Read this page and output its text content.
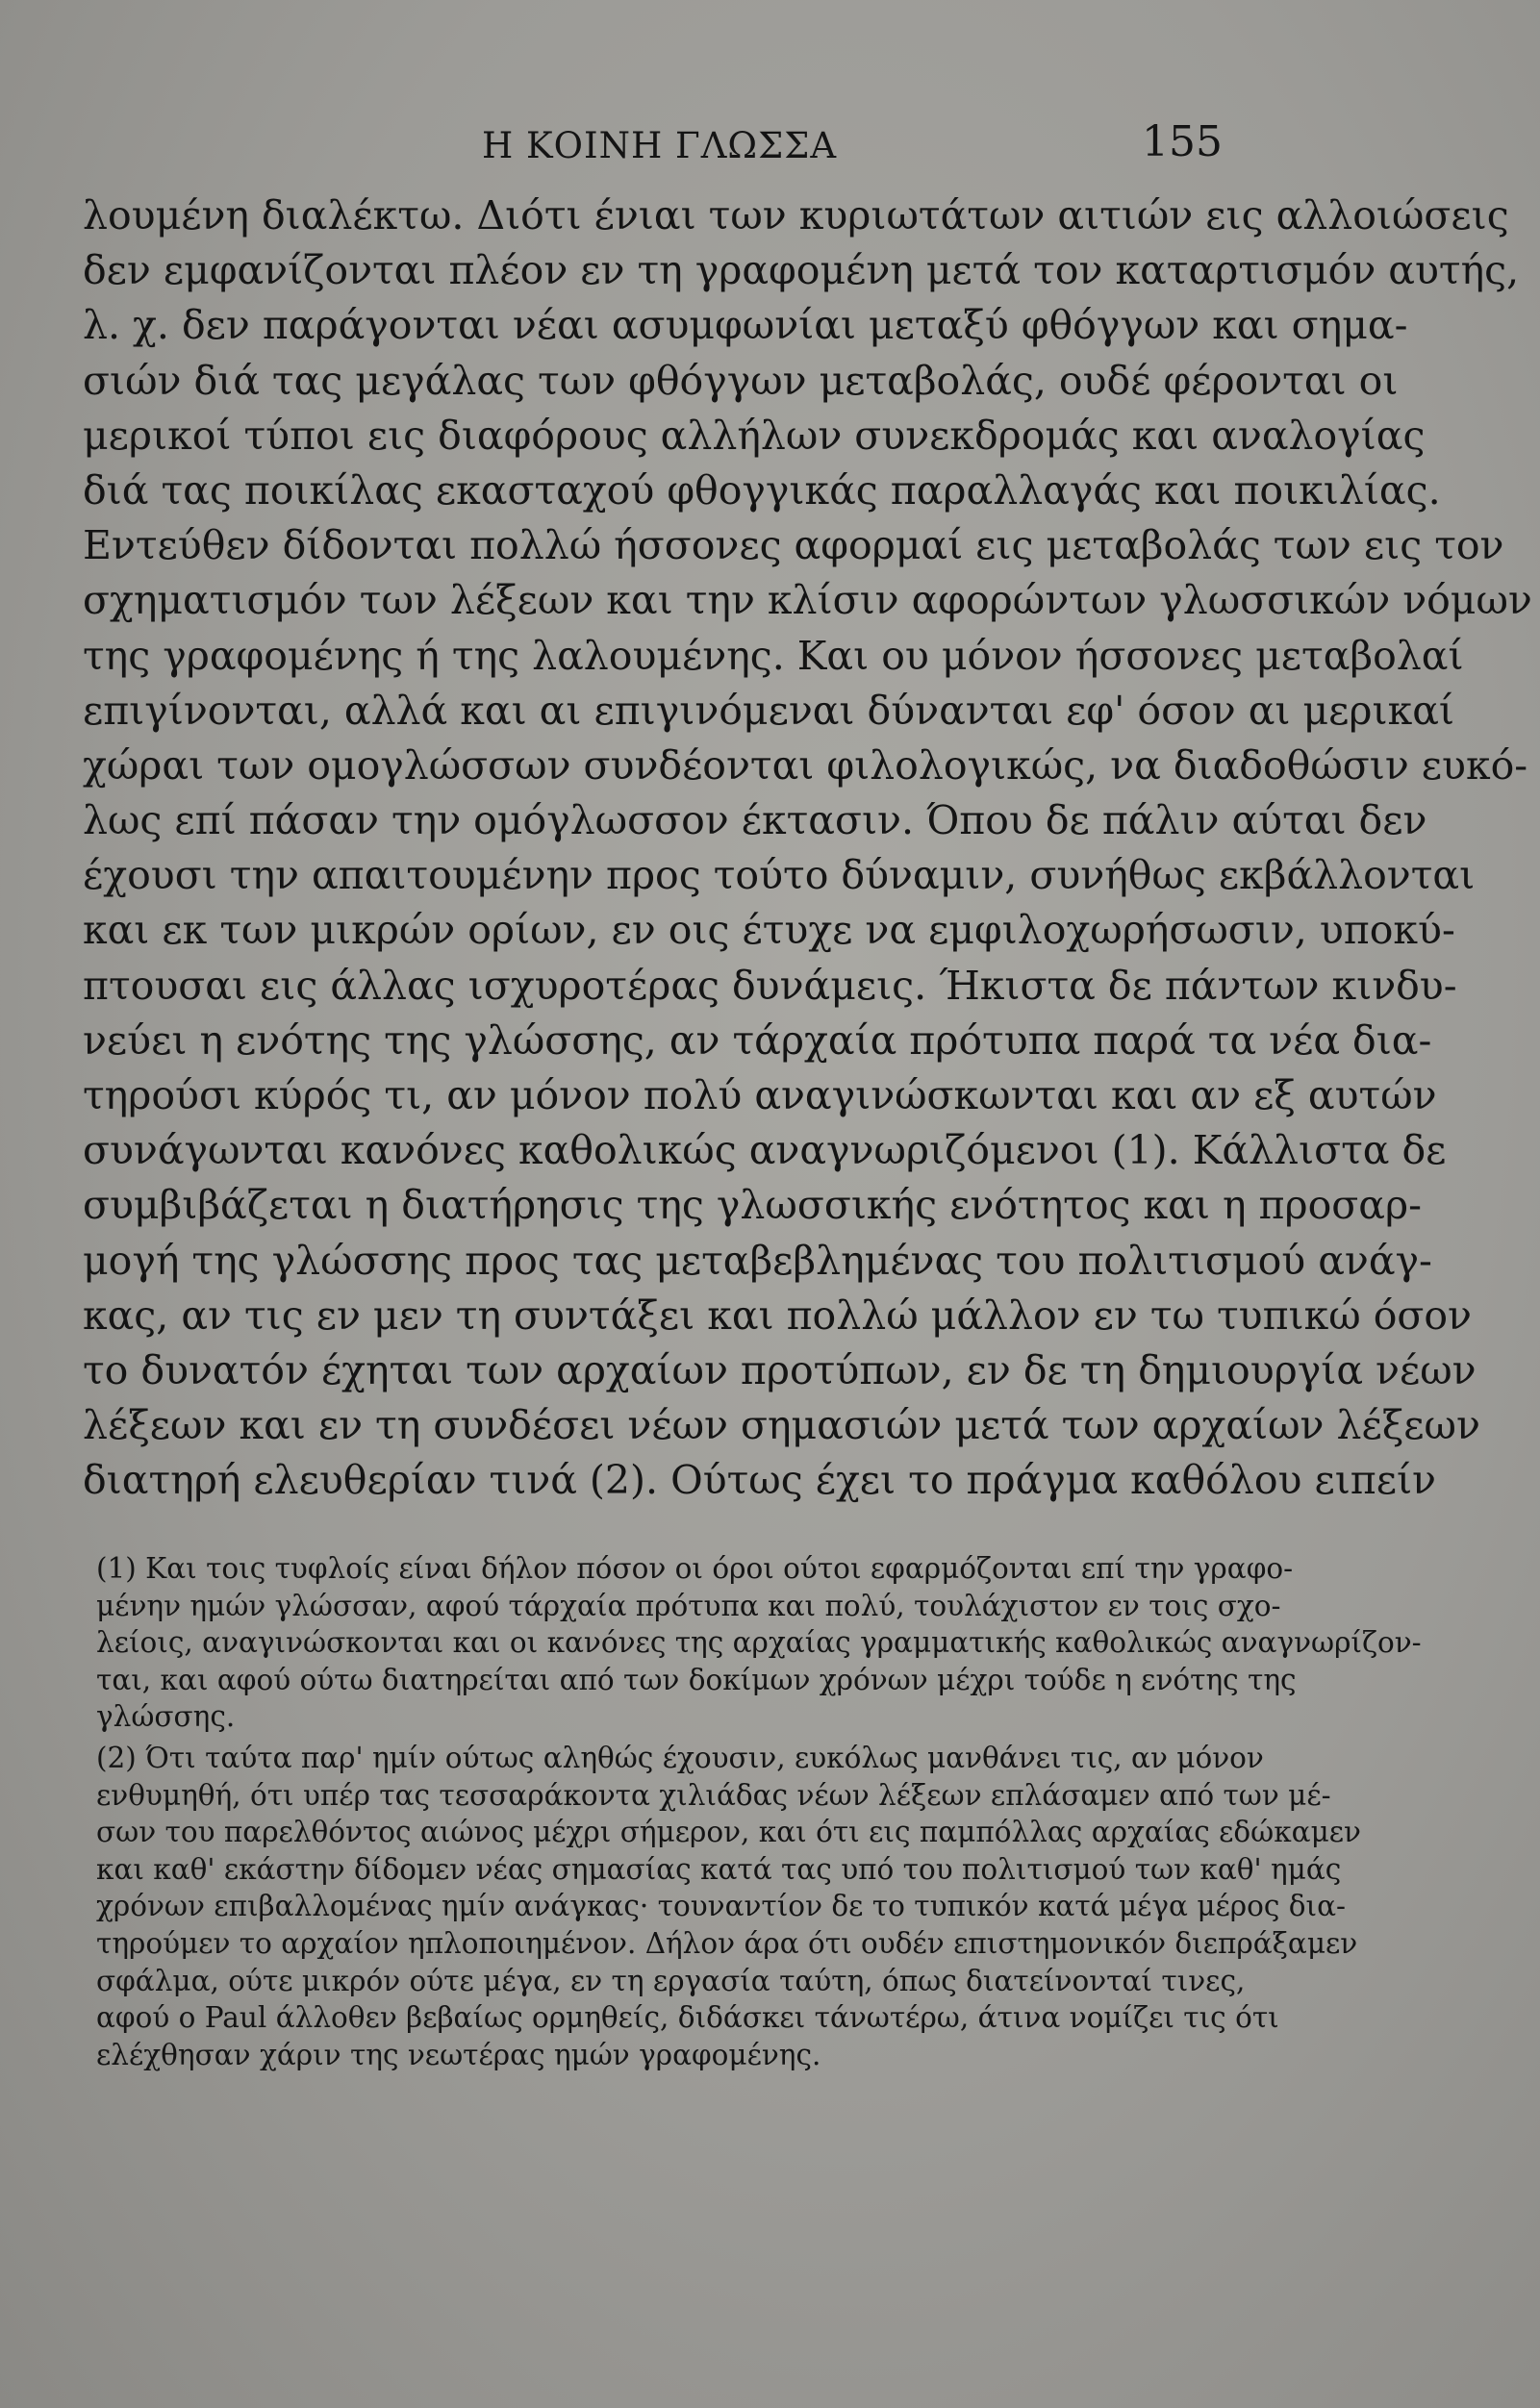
Η ΚΟΙΝΗ ΓΛΩΣΣΑ	155
λουμένη διαλέκτω. Διότι ένιαι των κυριωτάτων αιτιών εις αλλοιώσεις
δεν εμφανίζονται πλέον εν τη γραφομένη μετά τον καταρτισμόν αυτής,
λ. χ. δεν παράγονται νέαι ασυμφωνίαι μεταξύ φθόγγων και σημα-
σιών διά τας μεγάλας των φθόγγων μεταβολάς, ουδέ φέρονται οι
μερικοί τύποι εις διαφόρους αλλήλων συνεκδρομάς και αναλογίας
διά τας ποικίλας εκασταχού φθογγικάς παραλλαγάς και ποικιλίας.
Εντεύθεν δίδονται πολλώ ήσσονες αφορμαί εις μεταβολάς των εις τον
σχηματισμόν των λέξεων και την κλίσιν αφορώντων γλωσσικών νόμων
της γραφομένης ή της λαλουμένης. Και ου μόνον ήσσονες μεταβολαί
επιγίνονται, αλλά και αι επιγινόμεναι δύνανται εφ' όσον αι μερικαί
χώραι των ομογλώσσων συνδέονται φιλολογικώς, να διαδοθώσιν ευκό-
λως επί πάσαν την ομόγλωσσον έκτασιν. Όπου δε πάλιν αύται δεν
έχουσι την απαιτουμένην προς τούτο δύναμιν, συνήθως εκβάλλονται
και εκ των μικρών ορίων, εν οις έτυχε να εμφιλοχωρήσωσιν, υποκύ-
πτουσαι εις άλλας ισχυροτέρας δυνάμεις. Ήκιστα δε πάντων κινδυ-
νεύει η ενότης της γλώσσης, αν τάρχαία πρότυπα παρά τα νέα δια-
τηρούσι κύρός τι, αν μόνον πολύ αναγινώσκωνται και αν εξ αυτών
συνάγωνται κανόνες καθολικώς αναγνωριζόμενοι (1). Κάλλιστα δε
συμβιβάζεται η διατήρησις της γλωσσικής ενότητος και η προσαρ-
μογή της γλώσσης προς τας μεταβεβλημένας του πολιτισμού ανάγ-
κας, αν τις εν μεν τη συντάξει και πολλώ μάλλον εν τω τυπικώ όσον
το δυνατόν έχηται των αρχαίων προτύπων, εν δε τη δημιουργία νέων
λέξεων και εν τη συνδέσει νέων σημασιών μετά των αρχαίων λέξεων
διατηρή ελευθερίαν τινά (2). Ούτως έχει το πράγμα καθόλου ειπείν
(1) Και τοις τυφλοίς είναι δήλον πόσον οι όροι ούτοι εφαρμόζονται επί την γραφο-
μένην ημών γλώσσαν, αφού τάρχαία πρότυπα και πολύ, τουλάχιστον εν τοις σχο-
λείοις, αναγινώσκονται και οι κανόνες της αρχαίας γραμματικής καθολικώς αναγνωρίζον-
ται, και αφού ούτω διατηρείται από των δοκίμων χρόνων μέχρι τούδε η ενότης της
γλώσσης.
(2) Ότι ταύτα παρ' ημίν ούτως αληθώς έχουσιν, ευκόλως μανθάνει τις, αν μόνον
ενθυμηθή, ότι υπέρ τας τεσσαράκοντα χιλιάδας νέων λέξεων επλάσαμεν από των μέ-
σων του παρελθόντος αιώνος μέχρι σήμερον, και ότι εις παμπόλλας αρχαίας εδώκαμεν
και καθ' εκάστην δίδομεν νέας σημασίας κατά τας υπό του πολιτισμού των καθ' ημάς
χρόνων επιβαλλομένας ημίν ανάγκας· τουναντίον δε το τυπικόν κατά μέγα μέρος δια-
τηρούμεν το αρχαίον ηπλοποιημένον. Δήλον άρα ότι ουδέν επιστημονικόν διεπράξαμεν
σφάλμα, ούτε μικρόν ούτε μέγα, εν τη εργασία ταύτη, όπως διατείνονταί τινες,
αφού ο Paul άλλοθεν βεβαίως ορμηθείς, διδάσκει τάνωτέρω, άτινα νομίζει τις ότι
ελέχθησαν χάριν της νεωτέρας ημών γραφομένης.
